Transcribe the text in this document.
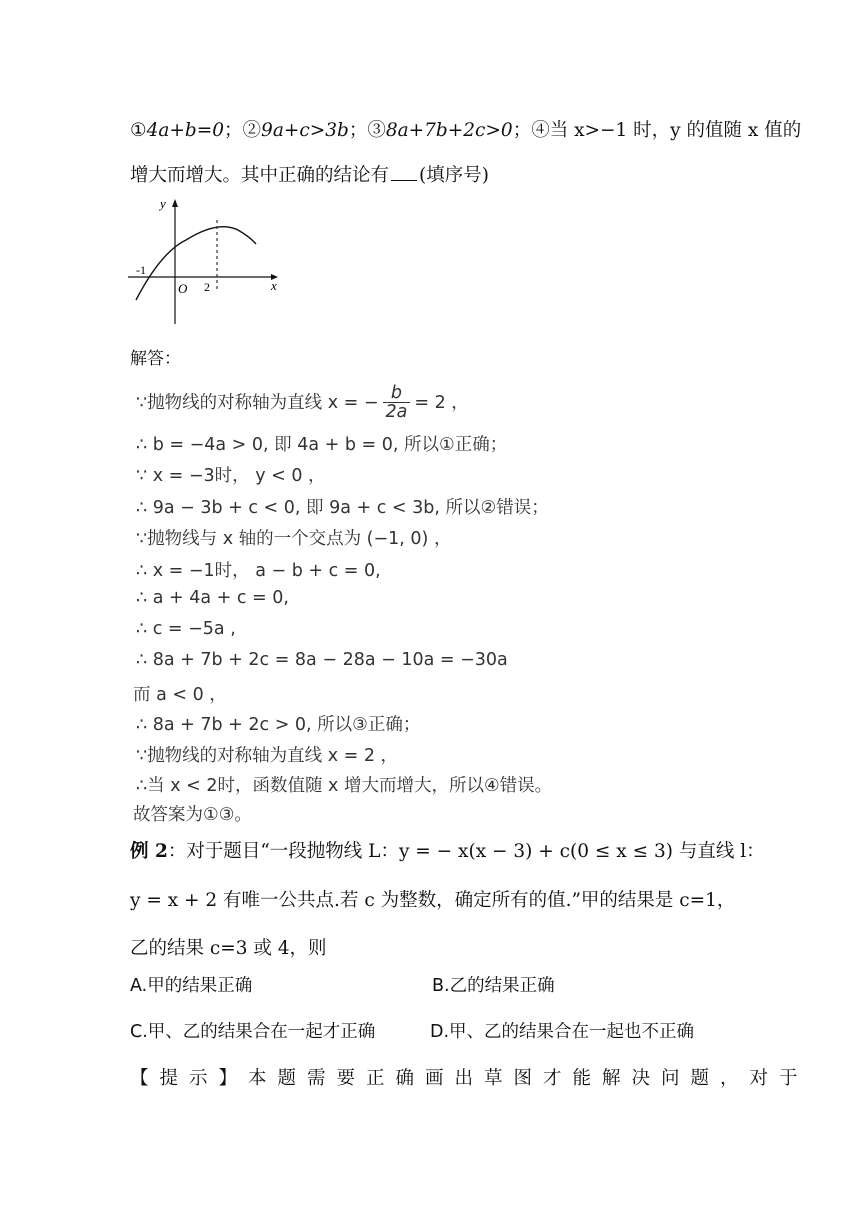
①4a+b=0；②9a+c>3b；③8a+7b+2c>0；④当 x>−1 时，y 的值随 x 值的
增大而增大。其中正确的结论有 (填序号)
y
x
O
-1
2
解答：
∵抛物线的对称轴为直线 x = − $\frac{b}{2a} = 2$ ，
∴ b = −4a > 0, 即 4a + b = 0, 所以①正确；
∵ x = −3时， y < 0 ，
∴ 9a − 3b + c < 0, 即 9a + c < 3b, 所以②错误；
∵抛物线与 x 轴的一个交点为 (−1, 0) ，
∴ x = −1时， a − b + c = 0,
∴ a + 4a + c = 0,
∴ c = −5a ,
∴ 8a + 7b + 2c = 8a − 28a − 10a = −30a
而 a < 0 ，
∴ 8a + 7b + 2c > 0, 所以③正确；
∵抛物线的对称轴为直线 x = 2 ，
∴当 x < 2时，函数值随 x 增大而增大，所以④错误。
故答案为①③。
例 2：对于题目“一段抛物线 L：y = − x(x − 3) + c(0 ≤ x ≤ 3) 与直线 l：
y = x + 2 有唯一公共点.若 c 为整数，确定所有的值.”甲的结果是 c=1，
乙的结果 c=3 或 4，则
A.甲的结果正确	B.乙的结果正确
C.甲、乙的结果合在一起才正确	D.甲、乙的结果合在一起也不正确
【提示】本题需要正确画出草图才能解决问题，对于
